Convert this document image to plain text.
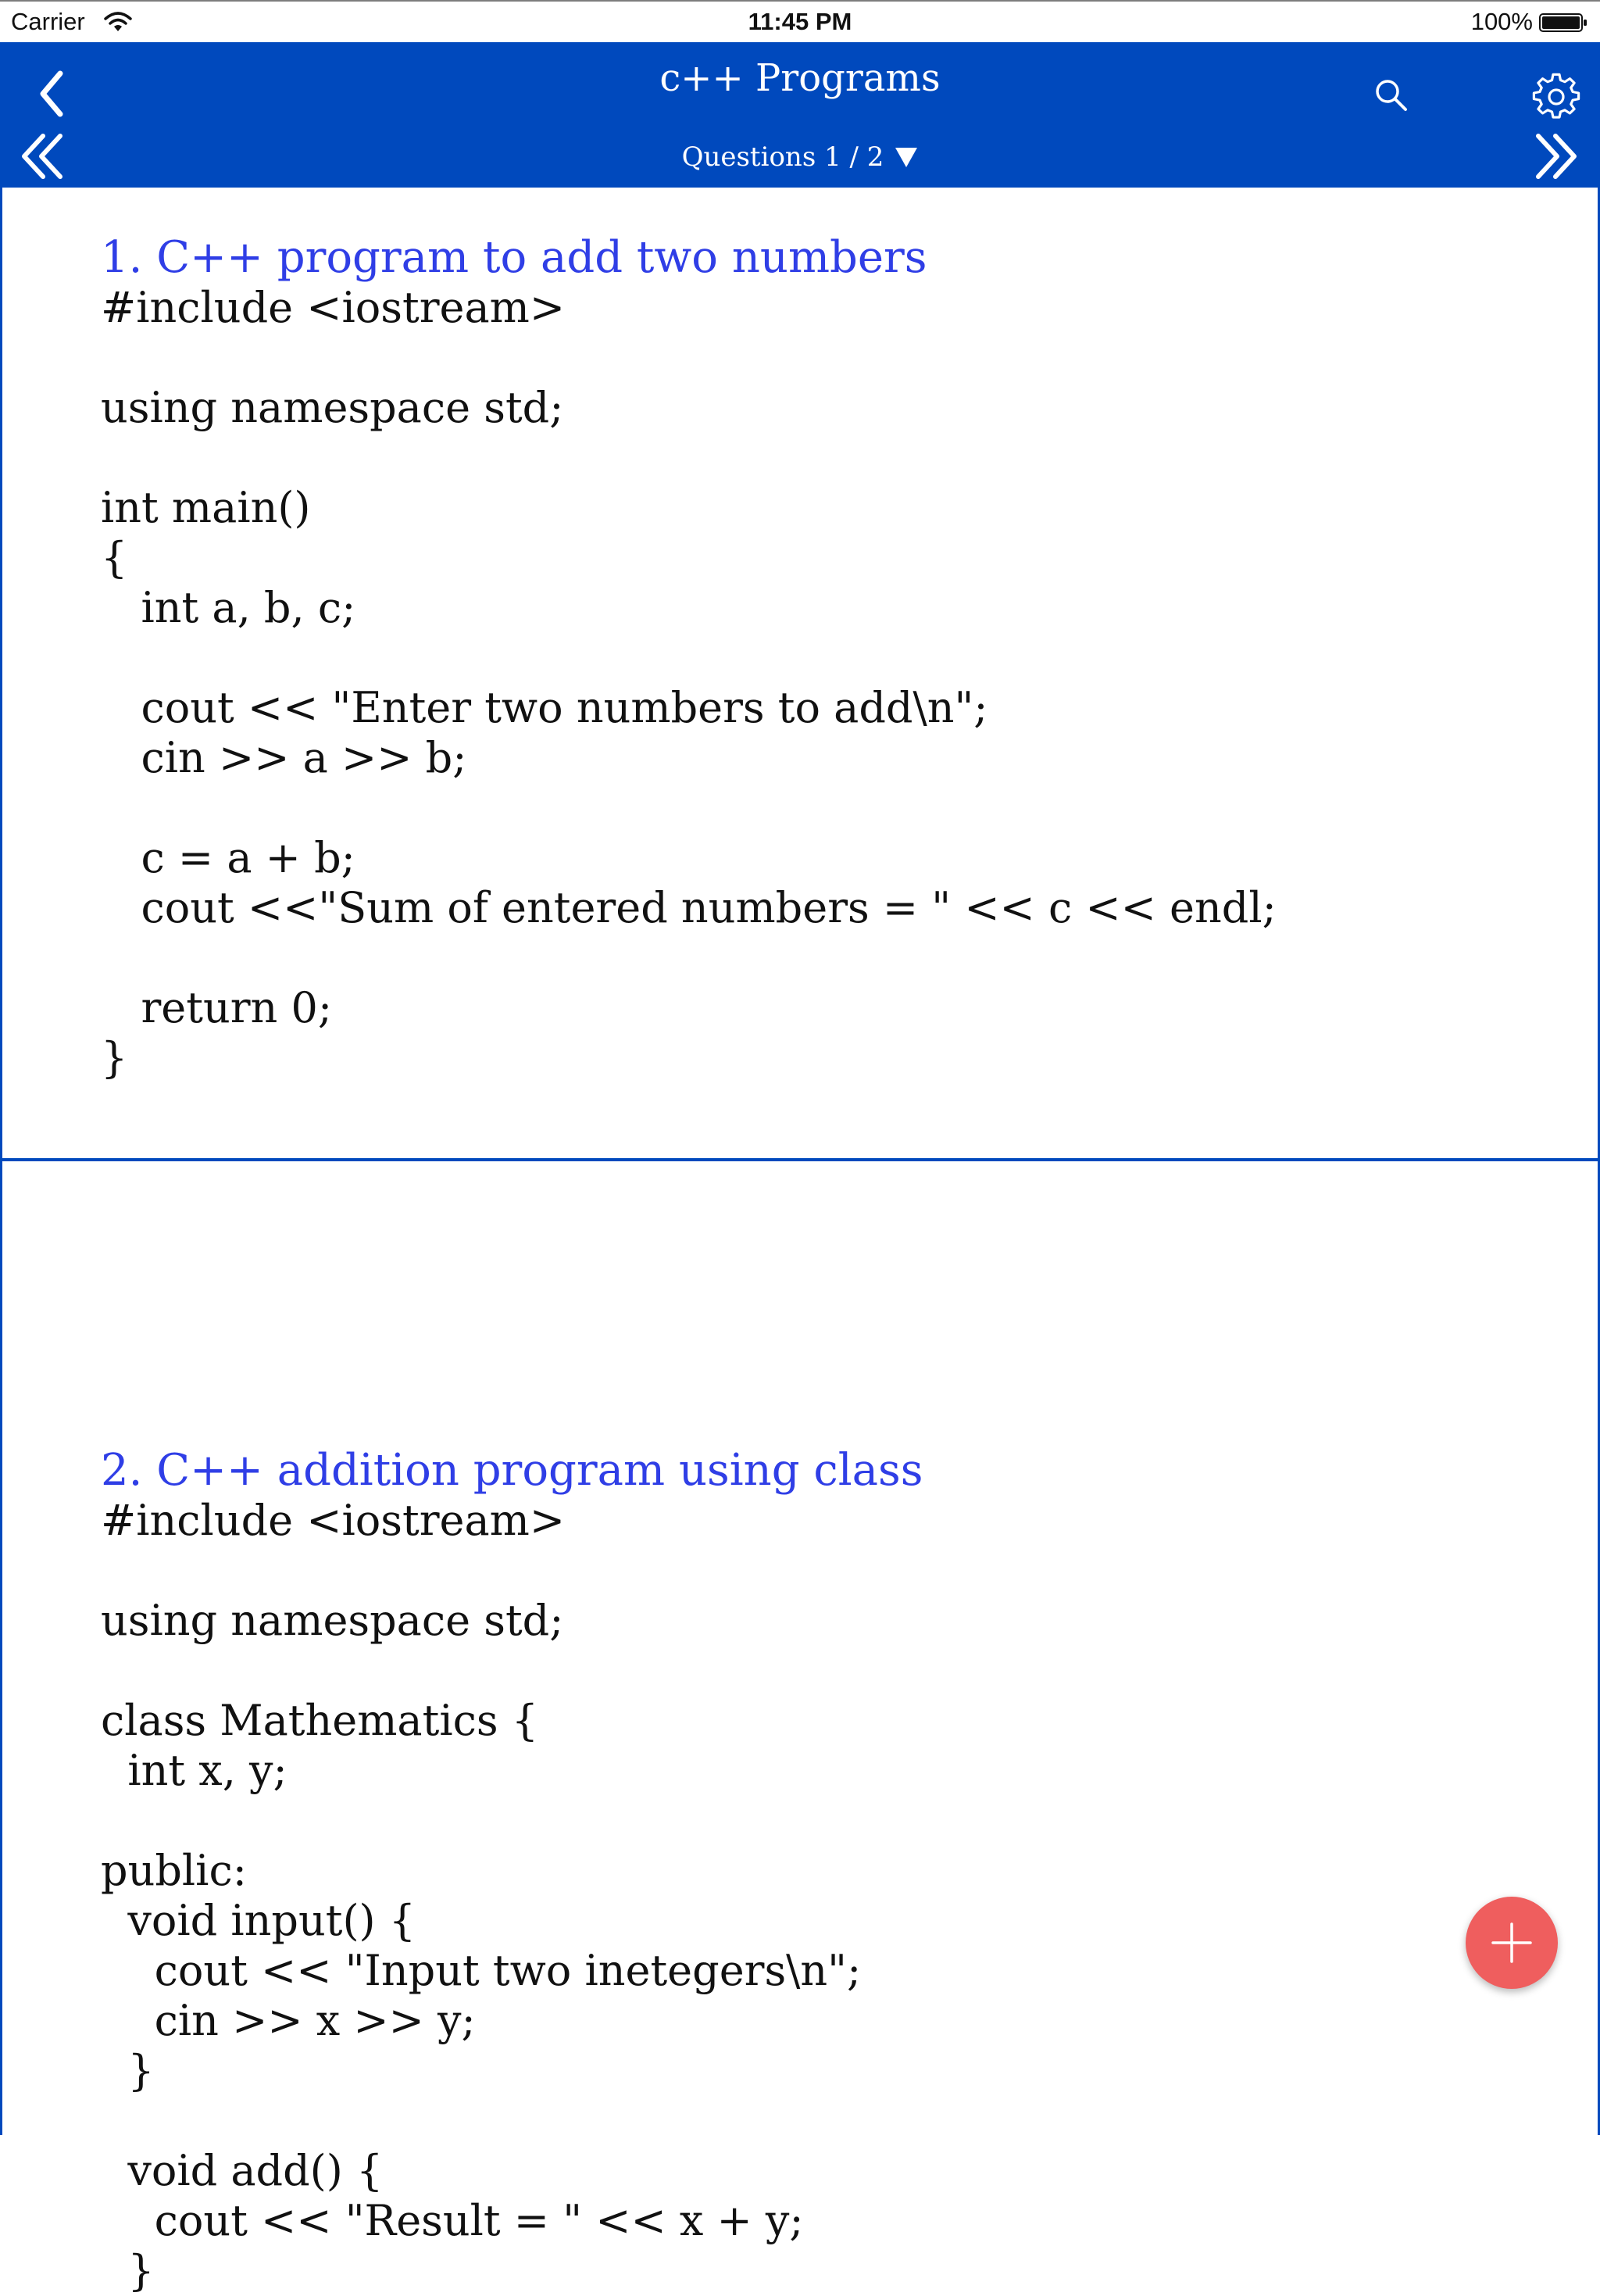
Carrier	11:45 PM	100%
c++ Programs
Questions 1 / 2
1. C++ program to add two numbers
#include <iostream>

using namespace std;

int main()
{
int a, b, c;

cout << "Enter two numbers to add\n";
cin >> a >> b;

c = a + b;
cout <<"Sum of entered numbers = " << c << endl;

return 0;
}
2. C++ addition program using class
#include <iostream>

using namespace std;

class Mathematics {
int x, y;

public:
void input() {
cout << "Input two inetegers\n";
cin >> x >> y;
}

void add() {
cout << "Result = " << x + y;
}
